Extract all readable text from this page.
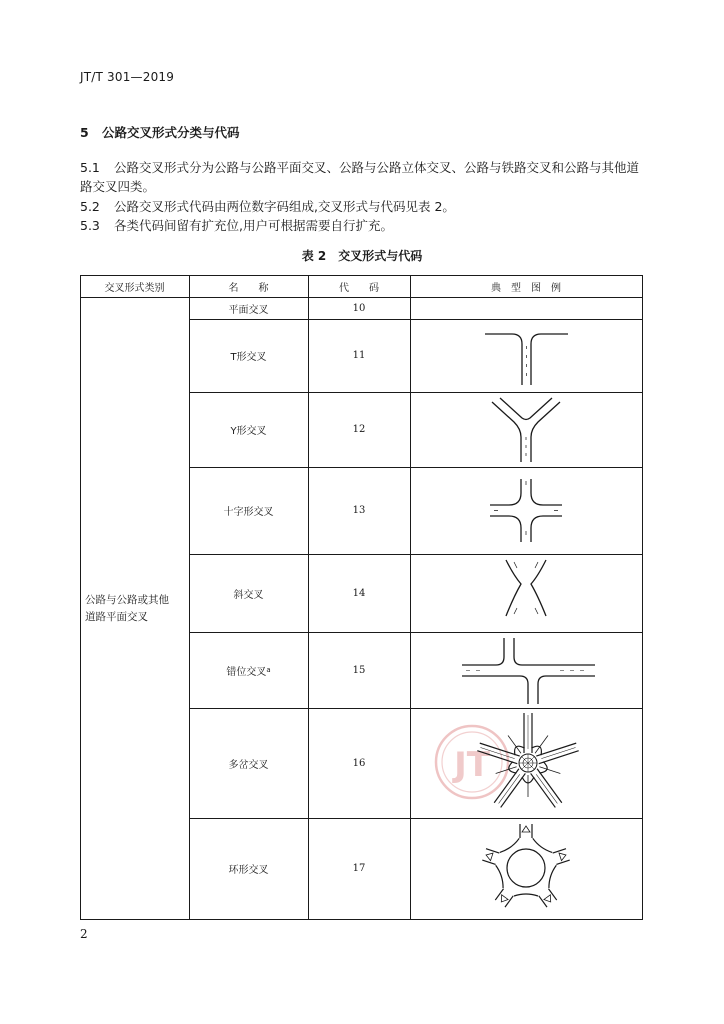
JT/T 301—2019
5 公路交叉形式分类与代码
5.1 公路交叉形式分为公路与公路平面交叉、公路与公路立体交叉、公路与铁路交叉和公路与其他道
路交叉四类。
5.2 公路交叉形式代码由两位数字码组成,交叉形式与代码见表 2。
5.3 各类代码间留有扩充位,用户可根据需要自行扩充。
表 2 交叉形式与代码
JT
交叉形式类别	名　　称	代　　码	典　型　图　例
公路与公路或其他
道路平面交叉
平面交叉	10
T形交叉	11
Y形交叉	12
十字形交叉	13
斜交叉	14
错位交叉 a	15
多岔交叉	16
环形交叉	17
2
